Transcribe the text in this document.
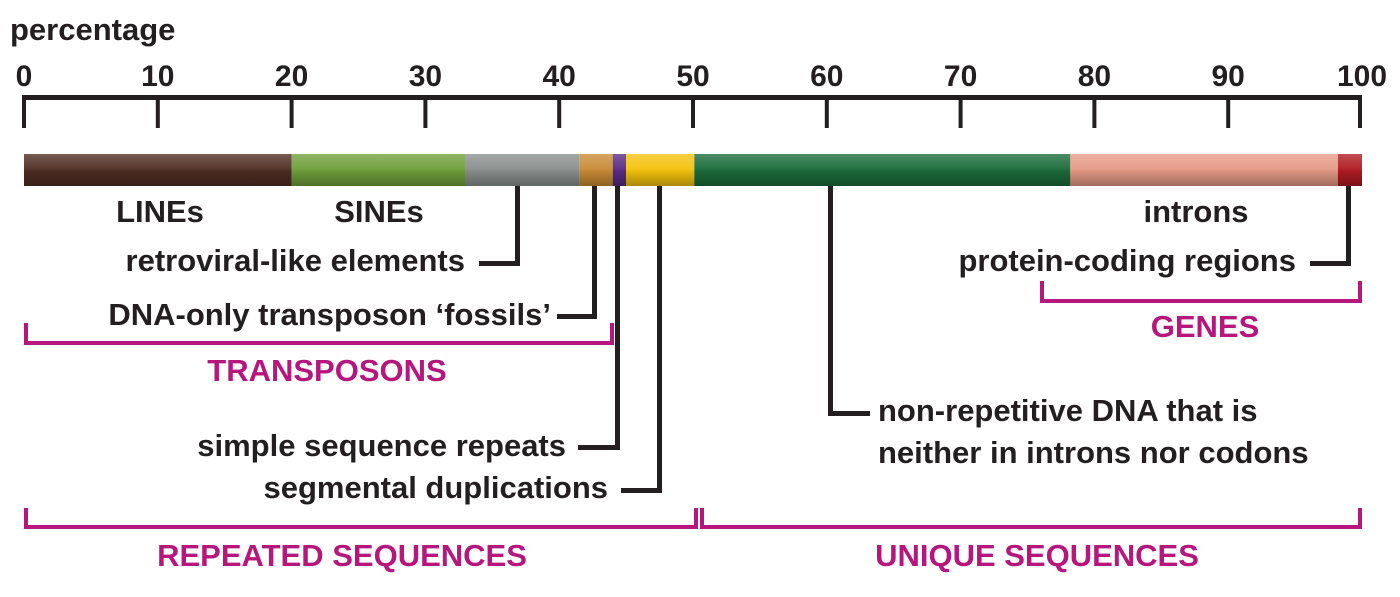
percentage
0	10	20	30	40	50	60	70	80	90	100
LINEs	SINEs
retroviral-like elements
DNA-only transposon ‘fossils’
simple sequence repeats
segmental duplications
introns
protein-coding regions
non-repetitive DNA that is
neither in introns nor codons
TRANSPOSONS
GENES
REPEATED SEQUENCES	UNIQUE SEQUENCES
